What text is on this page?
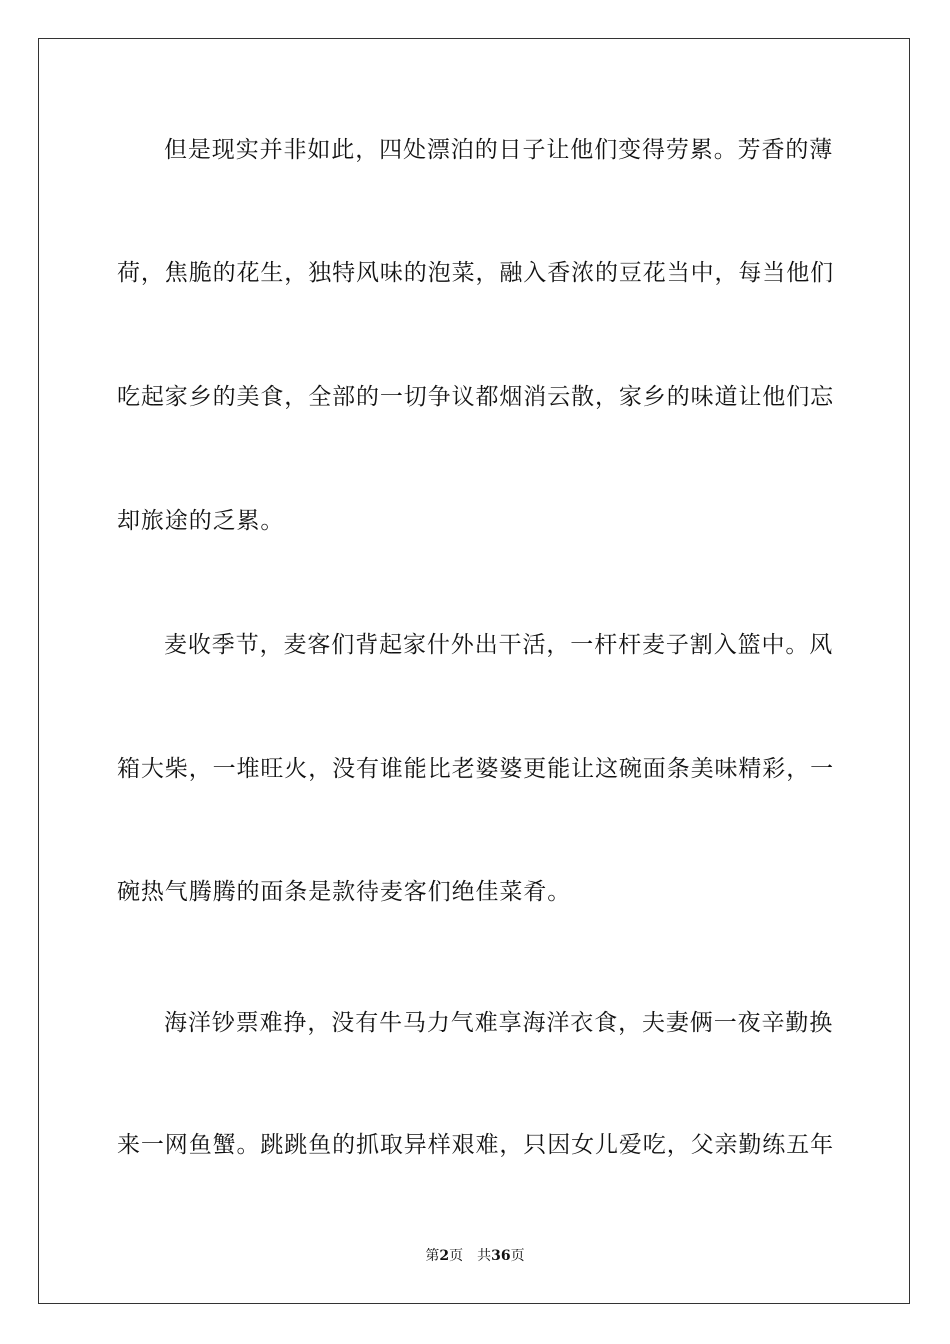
但是现实并非如此，四处漂泊的日子让他们变得劳累。芳香的薄
荷，焦脆的花生，独特风味的泡菜，融入香浓的豆花当中，每当他们
吃起家乡的美食，全部的一切争议都烟消云散，家乡的味道让他们忘
却旅途的乏累。
麦收季节，麦客们背起家什外出干活，一杆杆麦子割入篮中。风
箱大柴，一堆旺火，没有谁能比老婆婆更能让这碗面条美味精彩，一
碗热气腾腾的面条是款待麦客们绝佳菜肴。
海洋钞票难挣，没有牛马力气难享海洋衣食，夫妻俩一夜辛勤换
来一网鱼蟹。跳跳鱼的抓取异样艰难，只因女儿爱吃，父亲勤练五年
第2页 共36页
